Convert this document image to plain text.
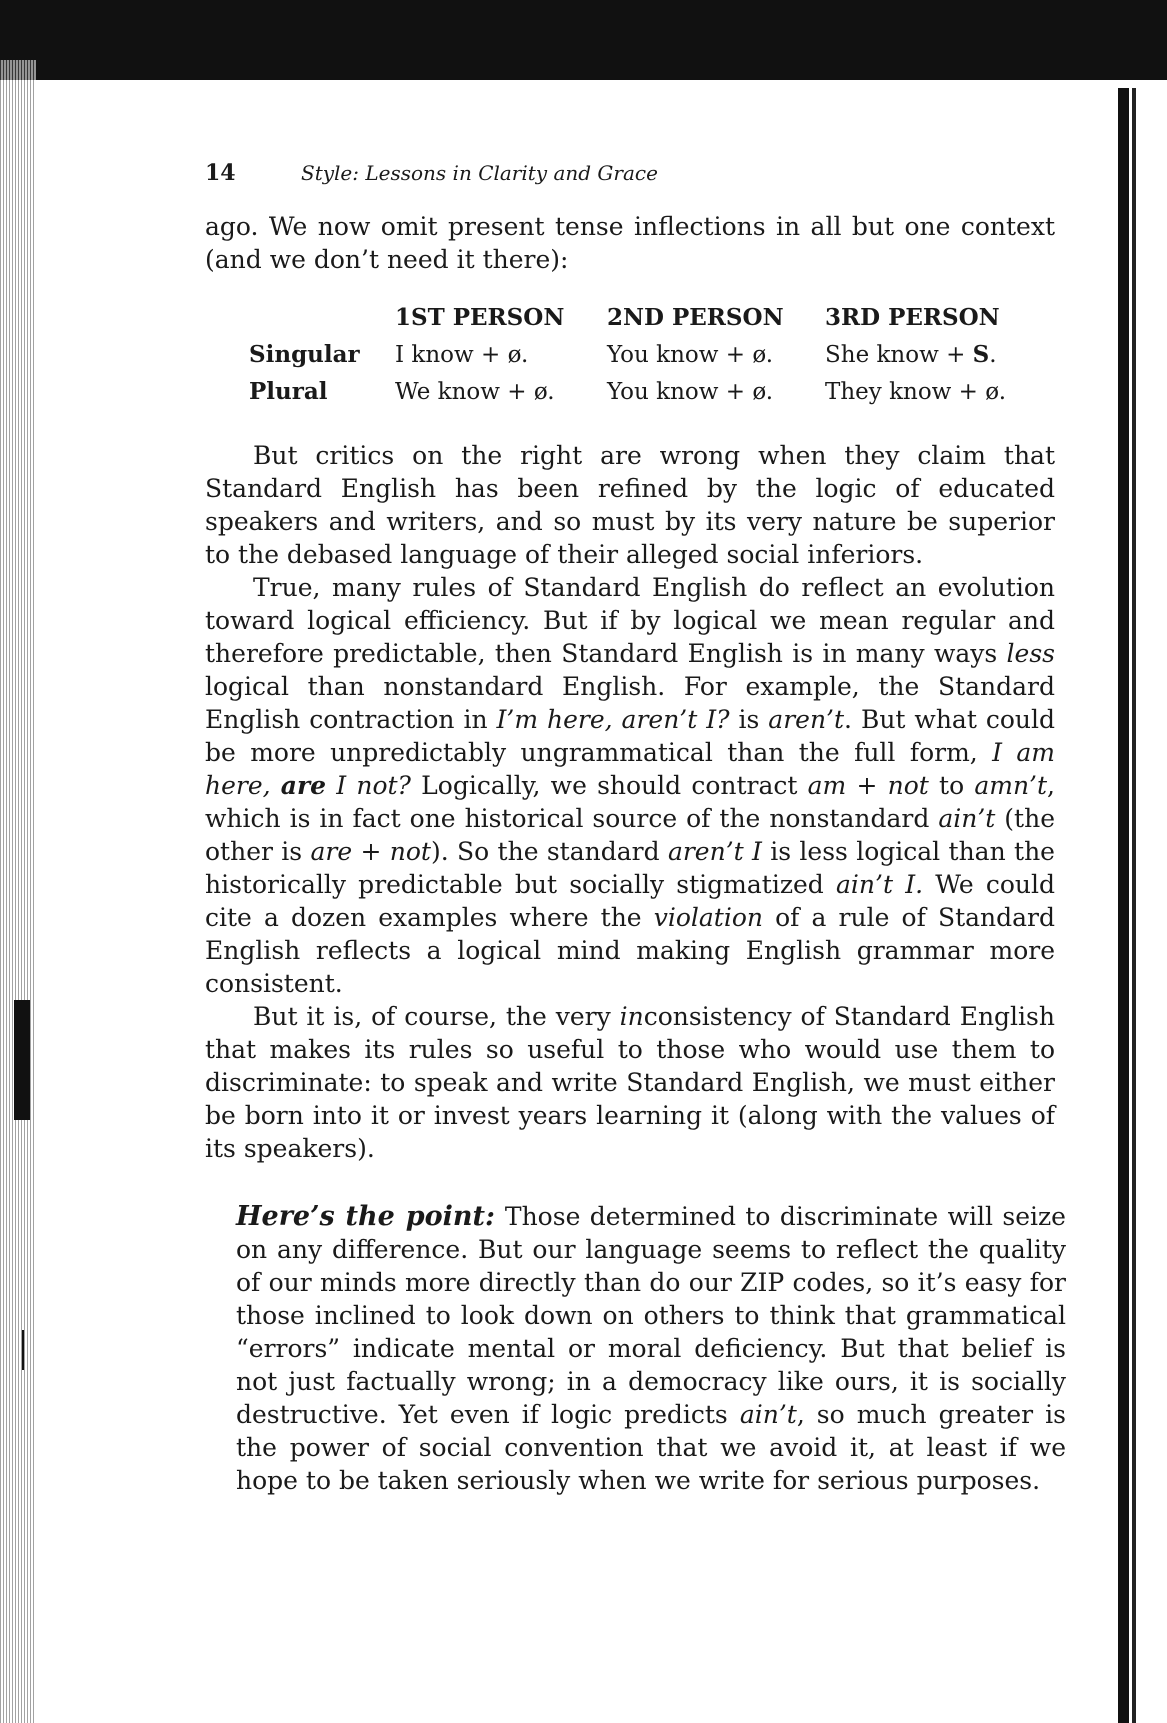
14	Style: Lessons in Clarity and Grace

ago. We now omit present tense inflections in all but one context (and we don’t need it there):

	1ST PERSON	2ND PERSON	3RD PERSON
Singular	I know + ø.	You know + ø.	She know + S.
Plural	We know + ø.	You know + ø.	They know + ø.

But critics on the right are wrong when they claim that Standard English has been refined by the logic of educated speakers and writers, and so must by its very nature be superior to the debased language of their alleged social inferiors.

True, many rules of Standard English do reflect an evolution toward logical efficiency. But if by logical we mean regular and therefore predictable, then Standard English is in many ways less logical than nonstandard English. For example, the Standard English contraction in I’m here, aren’t I? is aren’t. But what could be more unpredictably ungrammatical than the full form, I am here, are I not? Logically, we should contract am + not to amn’t, which is in fact one historical source of the nonstandard ain’t (the other is are + not). So the standard aren’t I is less logical than the historically predictable but socially stigmatized ain’t I. We could cite a dozen examples where the violation of a rule of Standard English reflects a logical mind making English grammar more consistent.

But it is, of course, the very inconsistency of Standard English that makes its rules so useful to those who would use them to discriminate: to speak and write Standard English, we must either be born into it or invest years learning it (along with the values of its speakers).

Here’s the point: Those determined to discriminate will seize on any difference. But our language seems to reflect the quality of our minds more directly than do our ZIP codes, so it’s easy for those inclined to look down on others to think that grammatical “errors” indicate mental or moral deficiency. But that belief is not just factually wrong; in a democracy like ours, it is socially destructive. Yet even if logic predicts ain’t, so much greater is the power of social convention that we avoid it, at least if we hope to be taken seriously when we write for serious purposes.
